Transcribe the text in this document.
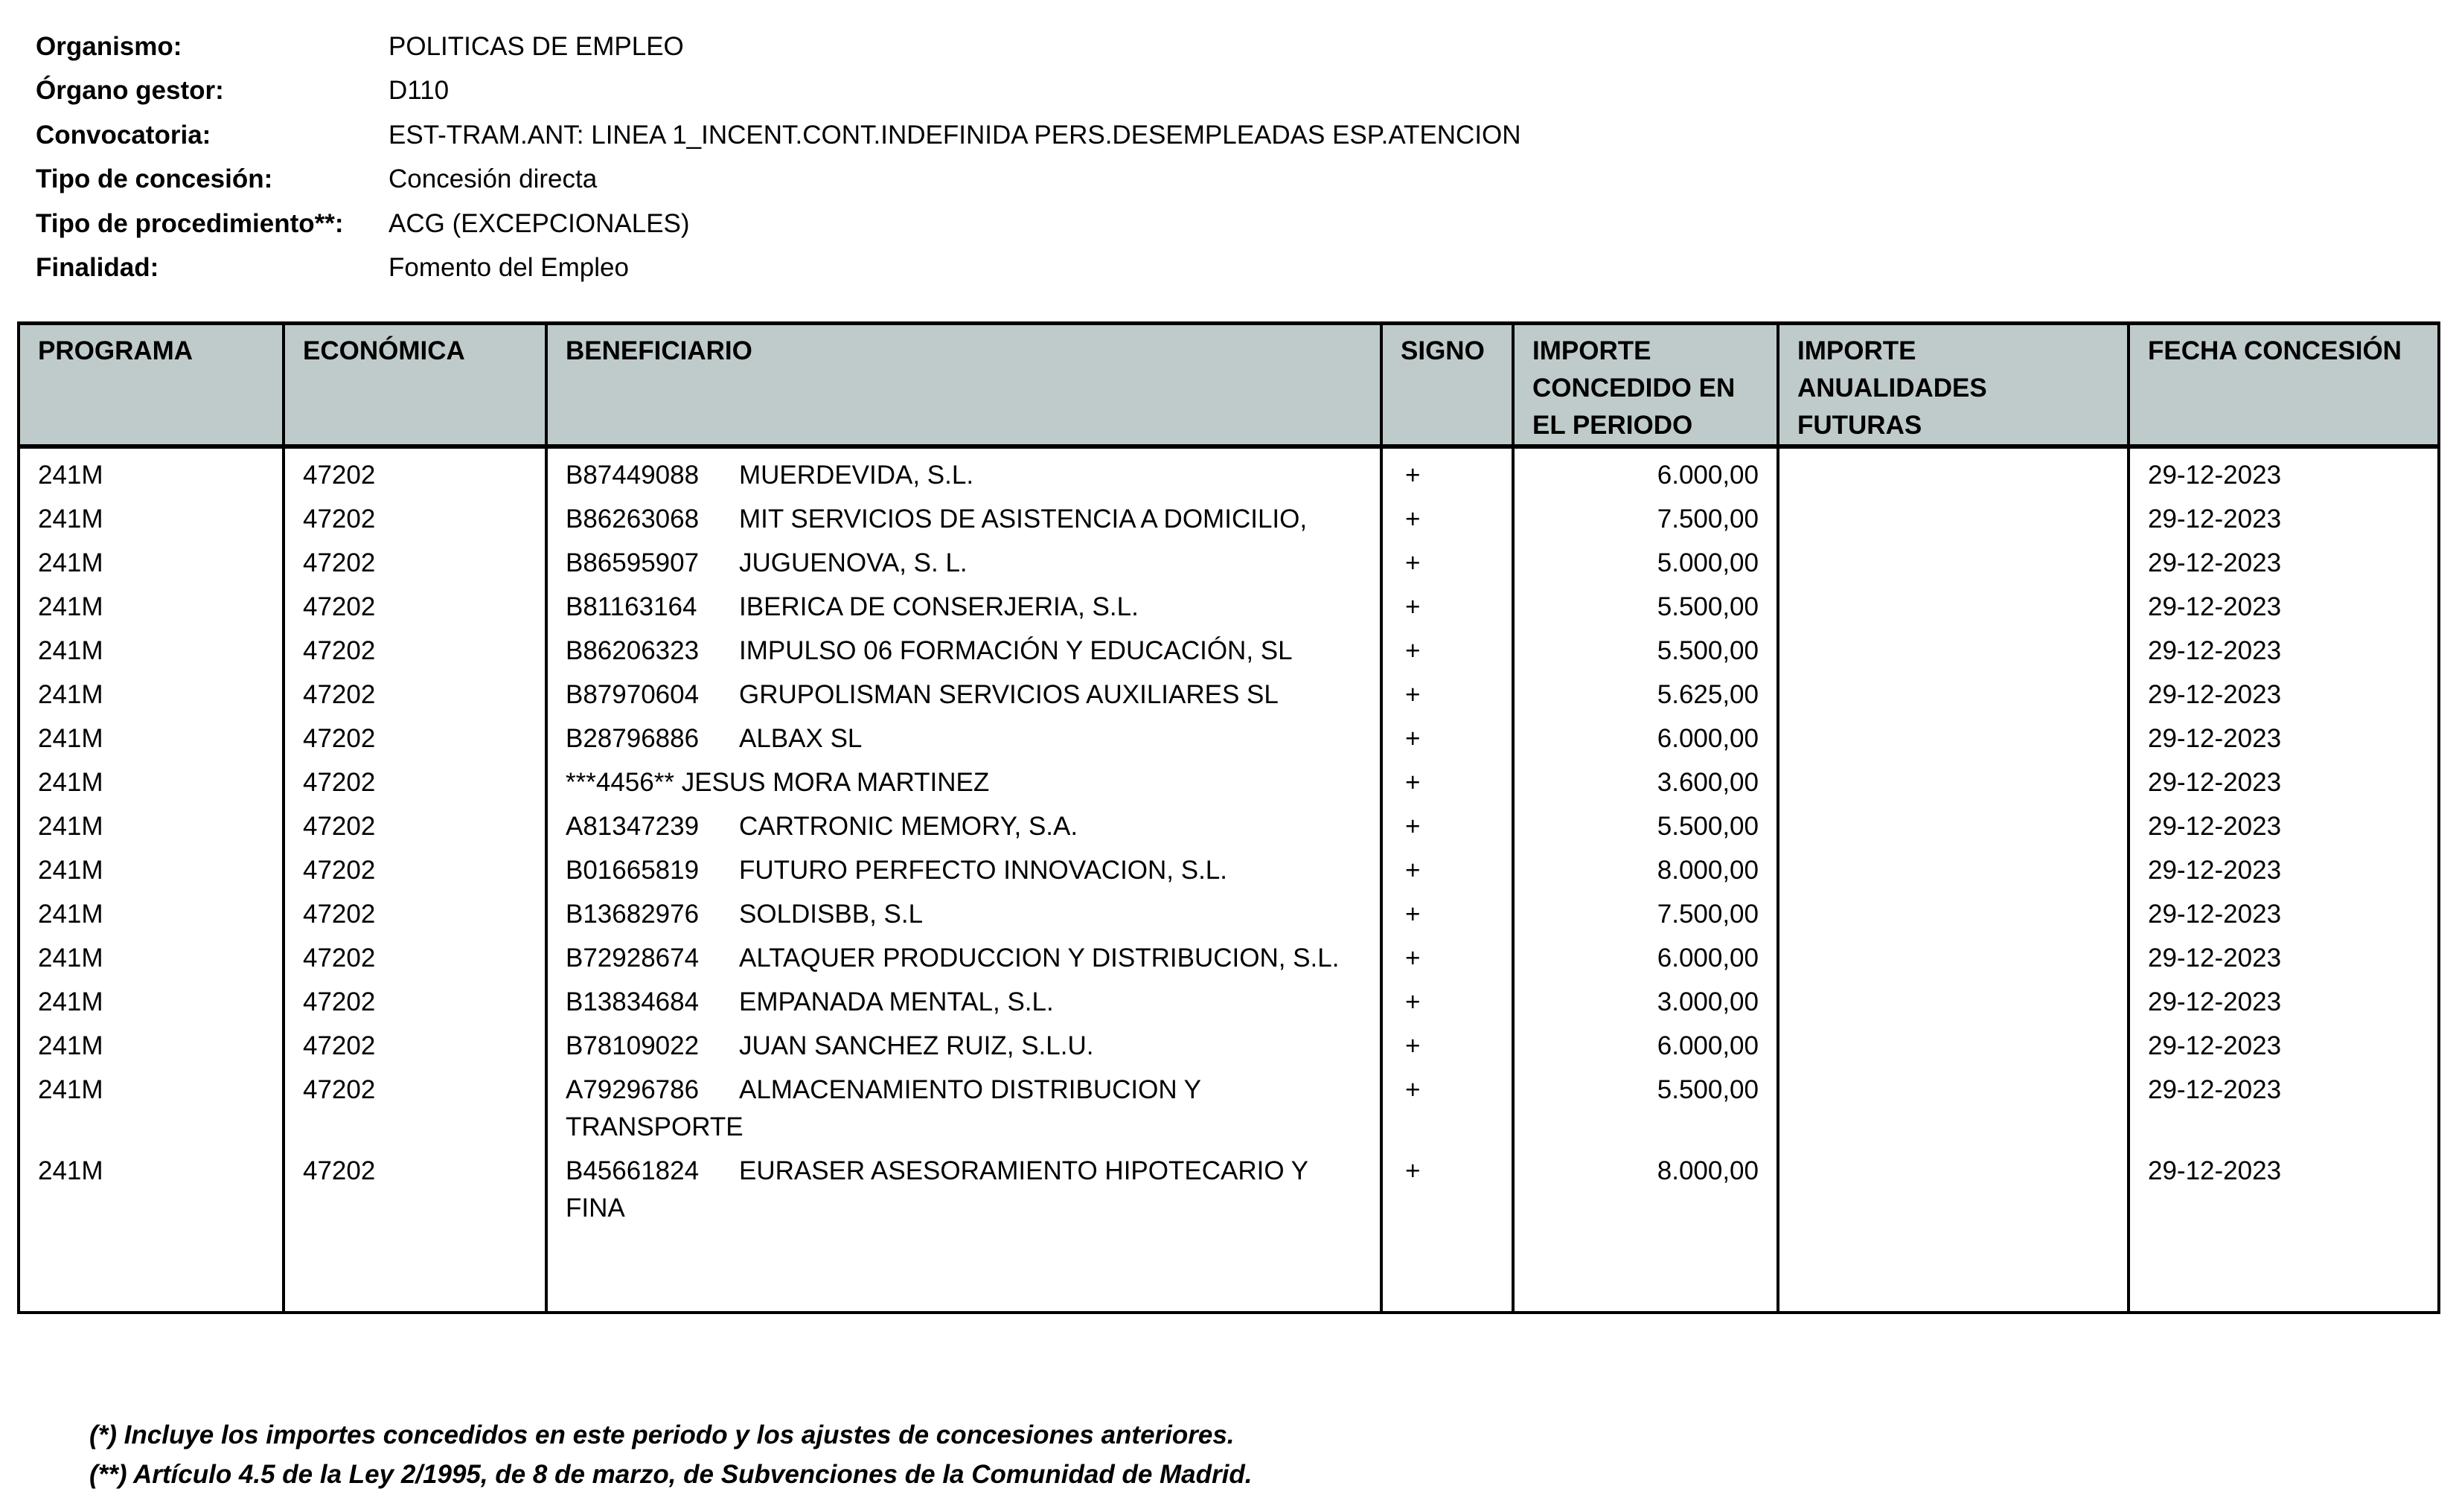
Organismo:	POLITICAS DE EMPLEO
Órgano gestor:	D110
Convocatoria:	EST-TRAM.ANT: LINEA 1_INCENT.CONT.INDEFINIDA PERS.DESEMPLEADAS ESP.ATENCION
Tipo de concesión:	Concesión directa
Tipo de procedimiento**:	ACG (EXCEPCIONALES)
Finalidad:	Fomento del Empleo
PROGRAMA	ECONÓMICA	BENEFICIARIO	SIGNO	IMPORTE CONCEDIDO EN EL PERIODO	IMPORTE ANUALIDADES FUTURAS	FECHA CONCESIÓN
241M	47202	B87449088 MUERDEVIDA, S.L.	+	6.000,00		29-12-2023
241M	47202	B86263068 MIT SERVICIOS DE ASISTENCIA A DOMICILIO,	+	7.500,00		29-12-2023
241M	47202	B86595907 JUGUENOVA, S. L.	+	5.000,00		29-12-2023
241M	47202	B81163164 IBERICA DE CONSERJERIA, S.L.	+	5.500,00		29-12-2023
241M	47202	B86206323 IMPULSO 06 FORMACIÓN Y EDUCACIÓN, SL	+	5.500,00		29-12-2023
241M	47202	B87970604 GRUPOLISMAN SERVICIOS AUXILIARES SL	+	5.625,00		29-12-2023
241M	47202	B28796886 ALBAX SL	+	6.000,00		29-12-2023
241M	47202	***4456** JESUS MORA MARTINEZ	+	3.600,00		29-12-2023
241M	47202	A81347239 CARTRONIC MEMORY, S.A.	+	5.500,00		29-12-2023
241M	47202	B01665819 FUTURO PERFECTO INNOVACION, S.L.	+	8.000,00		29-12-2023
241M	47202	B13682976 SOLDISBB, S.L	+	7.500,00		29-12-2023
241M	47202	B72928674 ALTAQUER PRODUCCION Y DISTRIBUCION, S.L.	+	6.000,00		29-12-2023
241M	47202	B13834684 EMPANADA MENTAL, S.L.	+	3.000,00		29-12-2023
241M	47202	B78109022 JUAN SANCHEZ RUIZ, S.L.U.	+	6.000,00		29-12-2023
241M	47202	A79296786 ALMACENAMIENTO DISTRIBUCION Y TRANSPORTE	+	5.500,00		29-12-2023
241M	47202	B45661824 EURASER ASESORAMIENTO HIPOTECARIO Y FINA	+	8.000,00		29-12-2023

(*) Incluye los importes concedidos en este periodo y los ajustes de concesiones anteriores.
(**) Artículo 4.5 de la Ley 2/1995, de 8 de marzo, de Subvenciones de la Comunidad de Madrid.
